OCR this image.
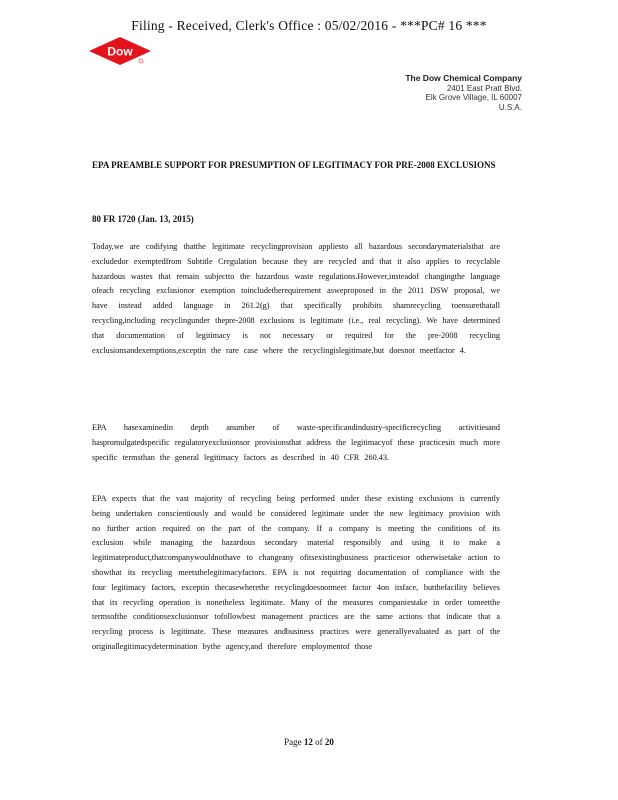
Filing - Received, Clerk's Office : 05/02/2016 - ***PC# 16 ***
Dow
The Dow Chemical Company
2401 East Pratt Blvd.
Elk Grove Village, IL 60007
U.S.A.
EPA PREAMBLE SUPPORT FOR PRESUMPTION OF LEGITIMACY FOR PRE-2008 EXCLUSIONS
80 FR 1720 (Jan. 13, 2015)
Today,we are codifying thatthe legitimate recyclingprovision appliesto all hazardous secondarymaterialsthat are excludedor exemptedfrom Subtitle Cregulation because they are recycled and that it also applies to recyclable hazardous wastes that remain subjectto the hazardous waste regulations.However,insteadof changingthe language ofeach recycling exclusionor exemption toincludetherequirement asweproposed in the 2011 DSW proposal, we have instead added language in 261.2(g) that specifically prohibits shamrecycling toensurethatall recycling,including recyclingunder thepre-2008 exclusions is legitimate (i.e., real recycling). We have determined that documentation of legitimacy is not necessary or required for the pre-2008 recycling exclusionsandexemptions,exceptin the rare case where the recyclingislegitimate,but doesnot meetfactor 4.
EPA hasexaminedin depth anumber of waste-specificandindustry-specificrecycling activitiesand haspromulgatedspecific regulatoryexclusionsor provisionsthat address the legitimacyof these practicesin much more specific termsthan the general legitimacy factors as described in 40 CFR 260.43.
EPA expects that the vast majority of recycling being performed under these existing exclusions is currently being undertaken conscientiously and would be considered legitimate under the new legitimacy provision with no further action required on the part of the company. If a company is meeting the conditions of its exclusion while managing the hazardous secondary material responsibly and using it to make a legitimateproduct,thatcompanywouldnothave to changeany ofitsexistingbusiness practicesor otherwisetake action to showthat its recycling meetsthelegitimacyfactors. EPA is not requiring documentation of compliance with the four legitimacy factors, exceptin thecasewherethe recyclingdoesnotmeet factor 4on itsface, butthefacility believes that its recycling operation is nonetheless legitimate. Many of the measures companiestake in order tomeetthe termsofthe conditionsexclusionsor tofollowbest management practices are the same actions that indicate that a recycling process is legitimate. These measures andbusiness practices were generallyevaluated as part of the originallegitimacydetermination bythe agency,and therefore employmentof those
Page 12 of 20
